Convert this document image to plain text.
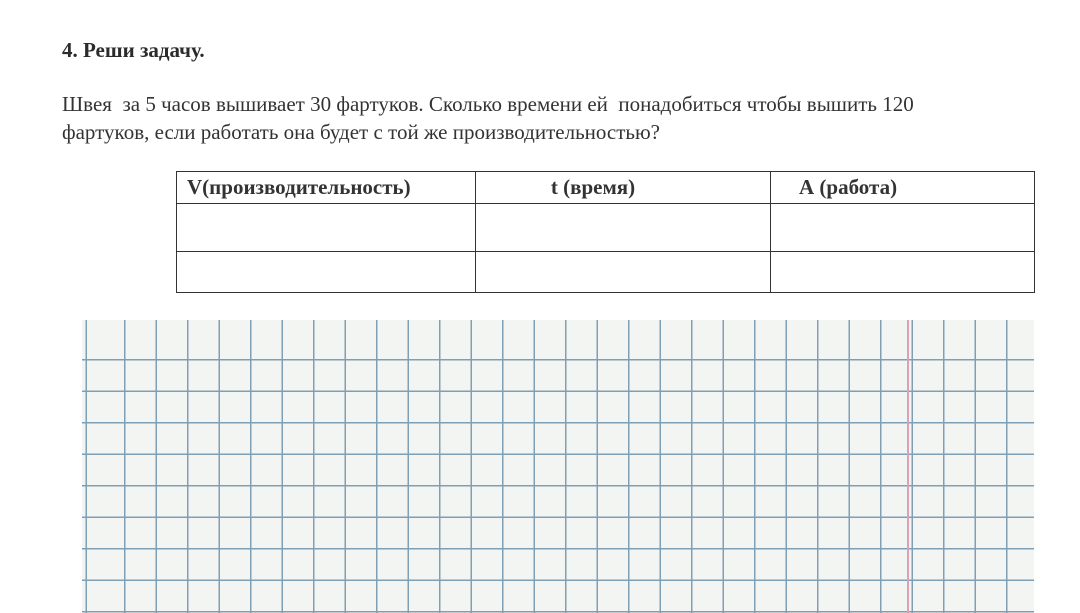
4. Реши задачу.
Швея  за 5 часов вышивает 30 фартуков. Сколько времени ей  понадобиться чтобы вышить 120
фартуков, если работать она будет с той же производительностью?
V(производительность)	t (время)	А (работа)
